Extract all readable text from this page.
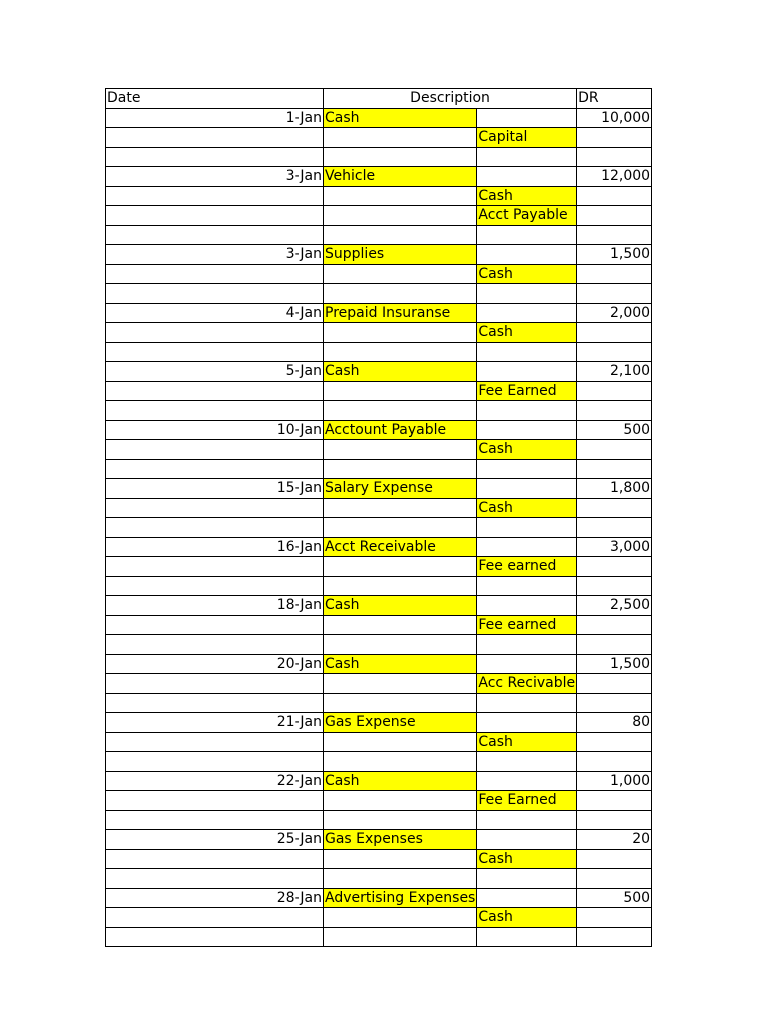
Date	Description		DR
1-Jan	Cash		10,000
		Capital	

3-Jan	Vehicle		12,000
		Cash	
		Acct Payable	

3-Jan	Supplies		1,500
		Cash	

4-Jan	Prepaid Insuranse		2,000
		Cash	

5-Jan	Cash		2,100
		Fee Earned	

10-Jan	Acctount Payable		500
		Cash	

15-Jan	Salary Expense		1,800
		Cash	

16-Jan	Acct Receivable		3,000
		Fee earned	

18-Jan	Cash		2,500
		Fee earned	

20-Jan	Cash		1,500
		Acc Recivable	

21-Jan	Gas Expense		80
		Cash	

22-Jan	Cash		1,000
		Fee Earned	

25-Jan	Gas Expenses		20
		Cash	

28-Jan	Advertising Expenses		500
		Cash	
